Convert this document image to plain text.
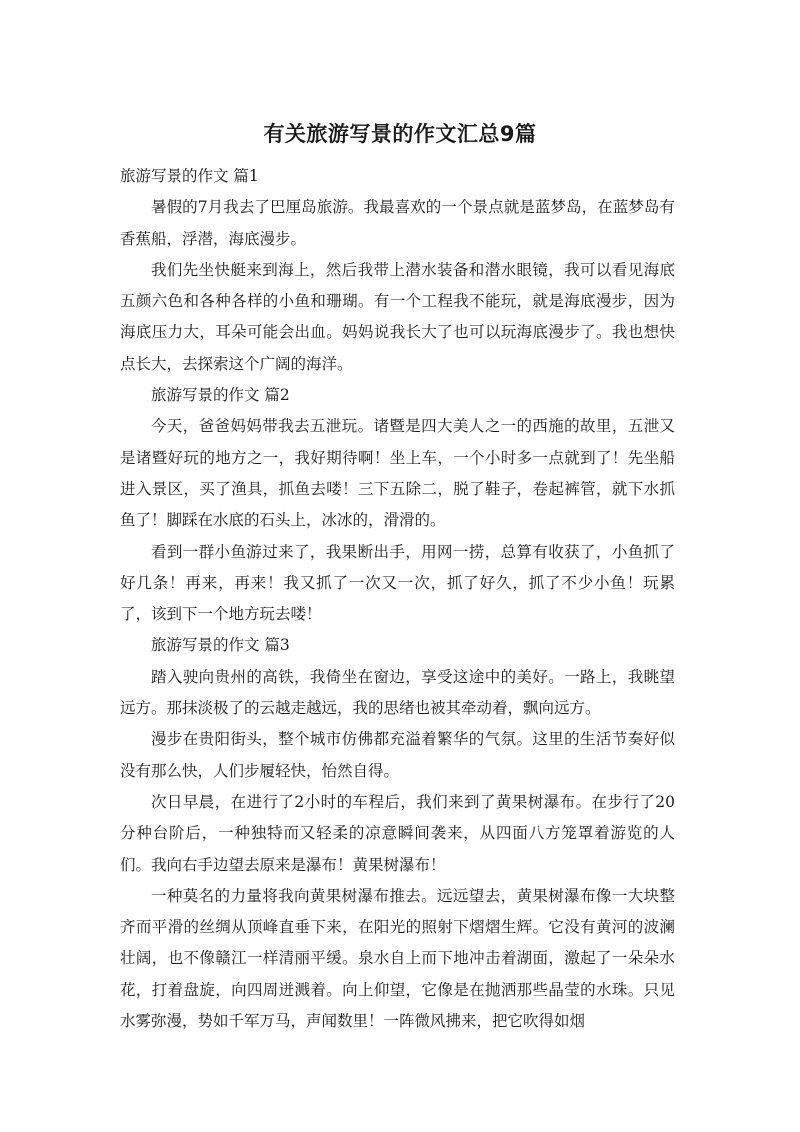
有关旅游写景的作文汇总9篇

旅游写景的作文 篇1

暑假的7月我去了巴厘岛旅游。我最喜欢的一个景点就是蓝梦岛，在蓝梦岛有香蕉船，浮潜，海底漫步。

我们先坐快艇来到海上，然后我带上潜水装备和潜水眼镜，我可以看见海底五颜六色和各种各样的小鱼和珊瑚。有一个工程我不能玩，就是海底漫步，因为海底压力大，耳朵可能会出血。妈妈说我长大了也可以玩海底漫步了。我也想快点长大，去探索这个广阔的海洋。

旅游写景的作文 篇2

今天，爸爸妈妈带我去五泄玩。诸暨是四大美人之一的西施的故里，五泄又是诸暨好玩的地方之一，我好期待啊！坐上车，一个小时多一点就到了！先坐船进入景区，买了渔具，抓鱼去喽！三下五除二，脱了鞋子，卷起裤管，就下水抓鱼了！脚踩在水底的石头上，冰冰的，滑滑的。

看到一群小鱼游过来了，我果断出手，用网一捞，总算有收获了，小鱼抓了好几条！再来，再来！我又抓了一次又一次，抓了好久，抓了不少小鱼！玩累了，该到下一个地方玩去喽！

旅游写景的作文 篇3

踏入驶向贵州的高铁，我倚坐在窗边，享受这途中的美好。一路上，我眺望远方。那抹淡极了的云越走越远，我的思绪也被其牵动着，飘向远方。

漫步在贵阳街头，整个城市仿佛都充溢着繁华的气氛。这里的生活节奏好似没有那么快，人们步履轻快，怡然自得。

次日早晨，在进行了2小时的车程后，我们来到了黄果树瀑布。在步行了20分种台阶后，一种独特而又轻柔的凉意瞬间袭来，从四面八方笼罩着游览的人们。我向右手边望去原来是瀑布！黄果树瀑布！

一种莫名的力量将我向黄果树瀑布推去。远远望去，黄果树瀑布像一大块整齐而平滑的丝绸从顶峰直垂下来，在阳光的照射下熠熠生辉。它没有黄河的波澜壮阔，也不像赣江一样清丽平缓。泉水自上而下地冲击着湖面，激起了一朵朵水花，打着盘旋，向四周迸溅着。向上仰望，它像是在抛洒那些晶莹的水珠。只见水雾弥漫，势如千军万马，声闻数里！一阵微风拂来，把它吹得如烟
